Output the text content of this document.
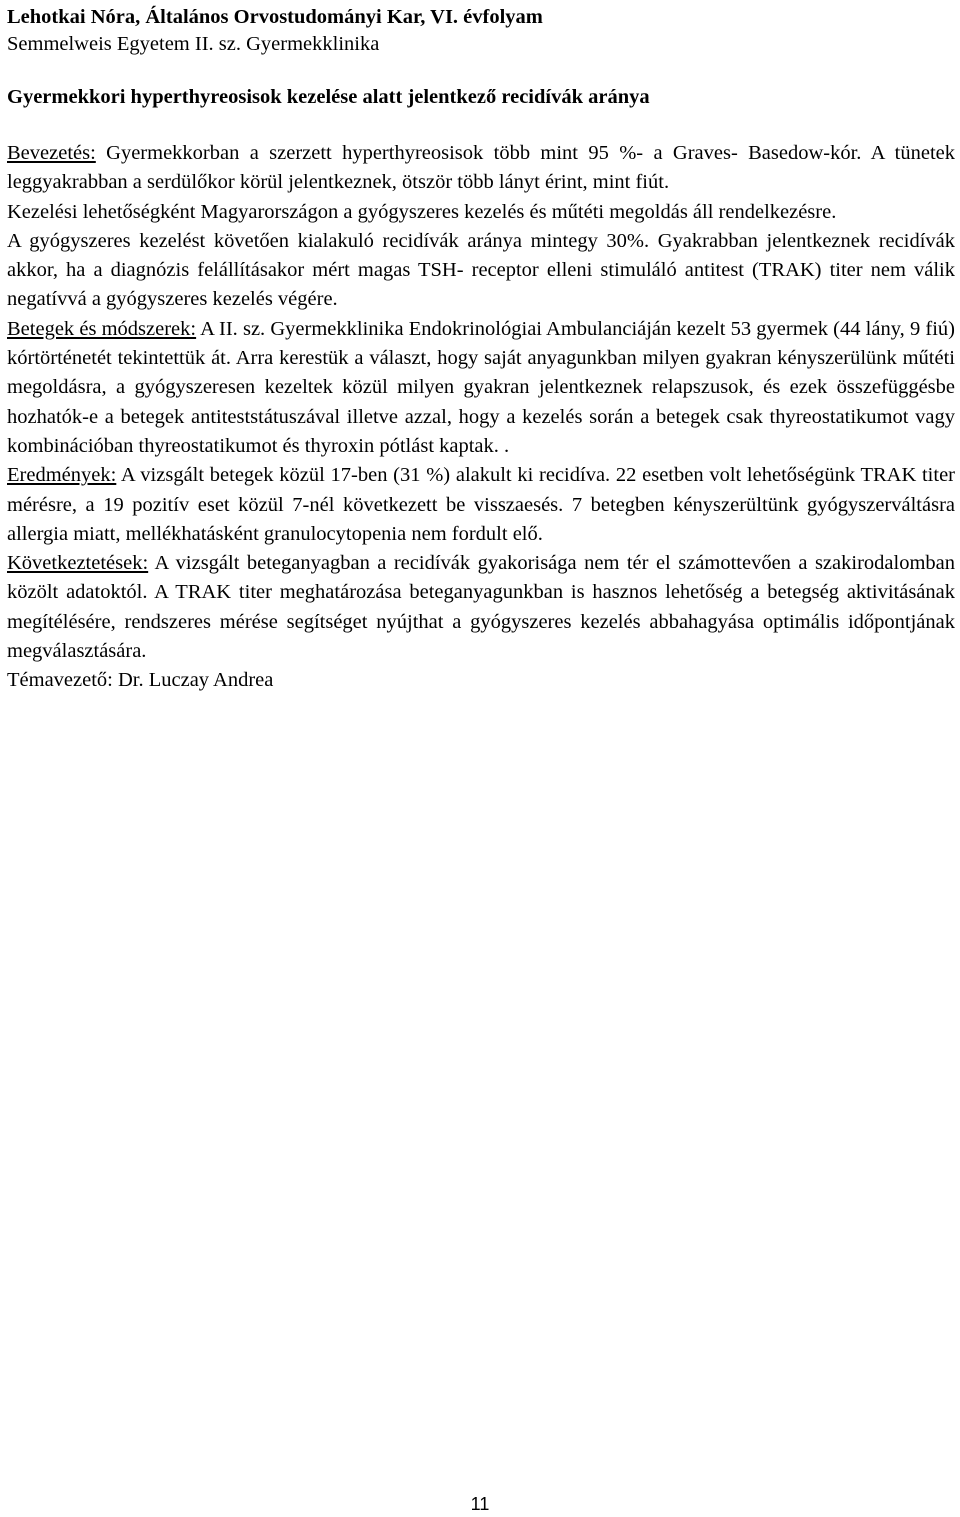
Lehotkai Nóra, Általános Orvostudományi Kar, VI. évfolyam

Semmelweis Egyetem II. sz. Gyermekklinika

Gyermekkori hyperthyreosisok kezelése alatt jelentkező recidívák aránya

Bevezetés: Gyermekkorban a szerzett hyperthyreosisok több mint 95 %- a Graves- Basedow-kór. A tünetek leggyakrabban a serdülőkor körül jelentkeznek, ötször több lányt érint, mint fiút.

Kezelési lehetőségként Magyarországon a gyógyszeres kezelés és műtéti megoldás áll rendelkezésre.

A gyógyszeres kezelést követően kialakuló recidívák aránya mintegy 30%. Gyakrabban jelentkeznek recidívák akkor, ha a diagnózis felállításakor mért magas TSH- receptor elleni stimuláló antitest (TRAK) titer nem válik negatívvá a gyógyszeres kezelés végére.

Betegek és módszerek: A II. sz. Gyermekklinika Endokrinológiai Ambulanciáján kezelt 53 gyermek (44 lány, 9 fiú) kórtörténetét tekintettük át. Arra kerestük a választ, hogy saját anyagunkban milyen gyakran kényszerülünk műtéti megoldásra, a gyógyszeresen kezeltek közül milyen gyakran jelentkeznek relapszusok, és ezek összefüggésbe hozhatók-e a betegek antiteststátuszával illetve azzal, hogy a kezelés során a betegek csak thyreostatikumot vagy kombinációban thyreostatikumot és thyroxin pótlást kaptak. .

Eredmények: A vizsgált betegek közül 17-ben (31 %) alakult ki recidíva. 22 esetben volt lehetőségünk TRAK titer mérésre, a 19 pozitív eset közül 7-nél következett be visszaesés. 7 betegben kényszerültünk gyógyszerváltásra allergia miatt, mellékhatásként granulocytopenia nem fordult elő.

Következtetések: A vizsgált beteganyagban a recidívák gyakorisága nem tér el számottevően a szakirodalomban közölt adatoktól. A TRAK titer meghatározása beteganyagunkban is hasznos lehetőség a betegség aktivitásának megítélésére, rendszeres mérése segítséget nyújthat a gyógyszeres kezelés abbahagyása optimális időpontjának megválasztására.

Témavezető: Dr. Luczay Andrea

11
